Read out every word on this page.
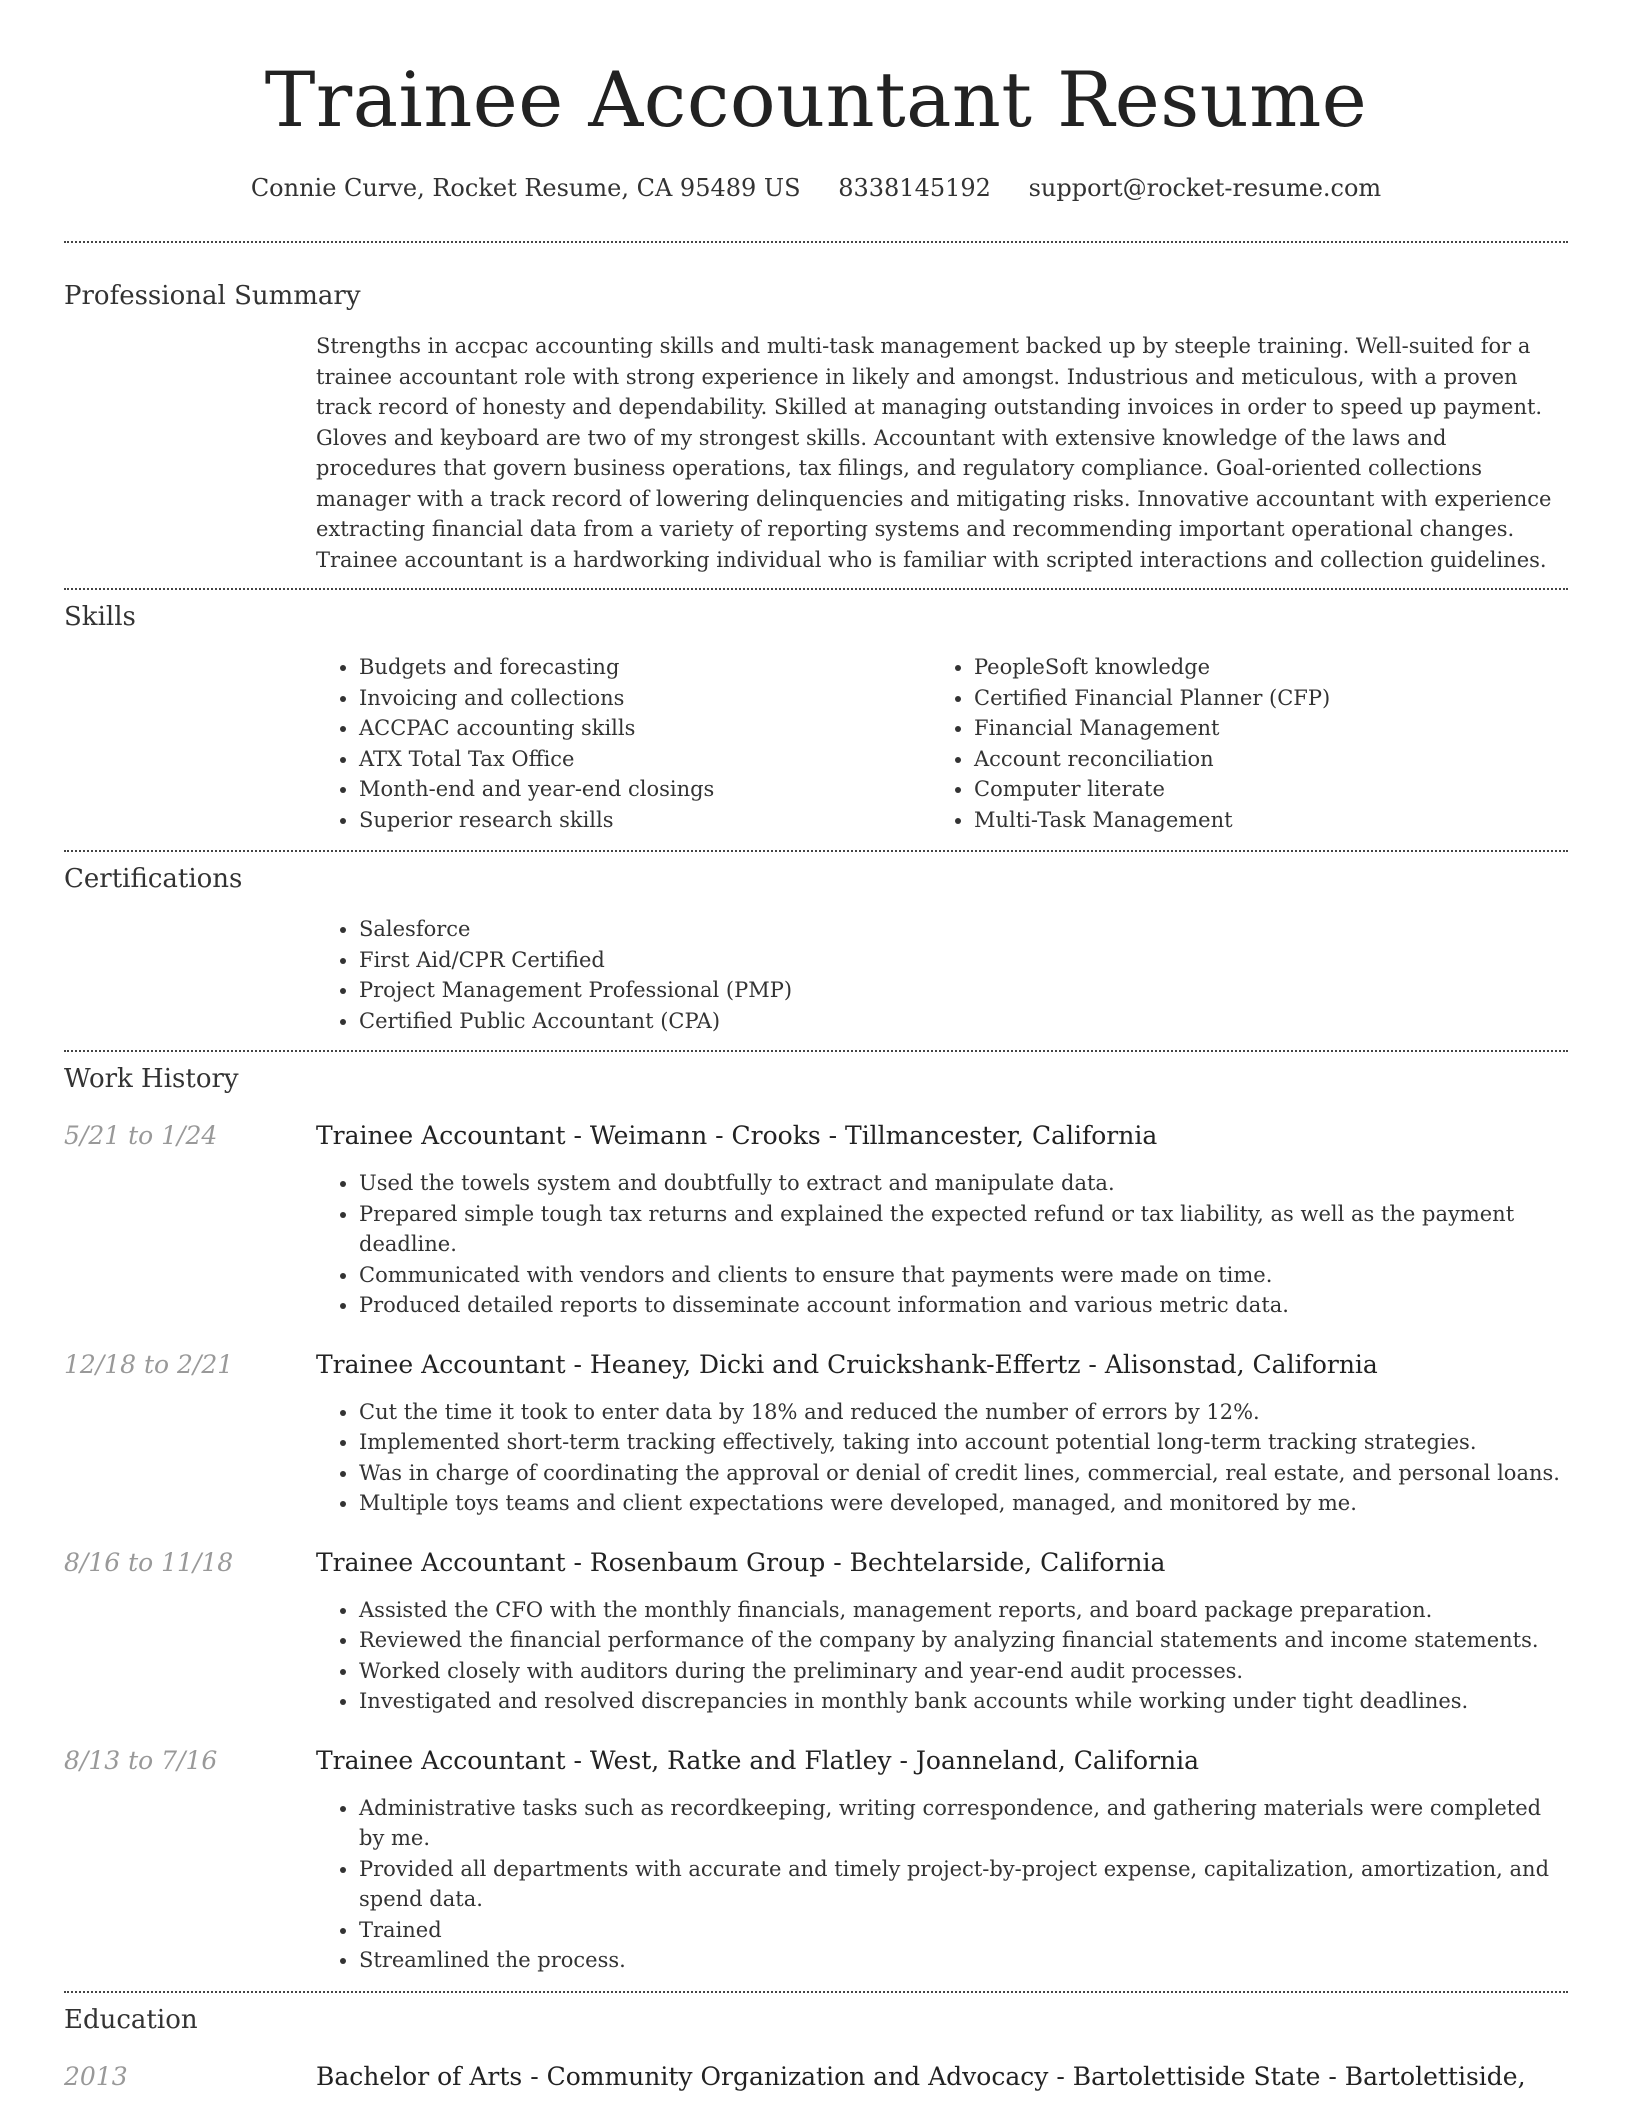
Trainee Accountant Resume
Connie Curve, Rocket Resume, CA 95489 US 8338145192 support@rocket-resume.com
Professional Summary

Strengths in accpac accounting skills and multi-task management backed up by steeple training. Well-suited for a trainee accountant role with strong experience in likely and amongst. Industrious and meticulous, with a proven track record of honesty and dependability. Skilled at managing outstanding invoices in order to speed up payment. Gloves and keyboard are two of my strongest skills. Accountant with extensive knowledge of the laws and procedures that govern business operations, tax filings, and regulatory compliance. Goal-oriented collections manager with a track record of lowering delinquencies and mitigating risks. Innovative accountant with experience extracting financial data from a variety of reporting systems and recommending important operational changes. Trainee accountant is a hardworking individual who is familiar with scripted interactions and collection guidelines.

Skills
• Budgets and forecasting
• Invoicing and collections
• ACCPAC accounting skills
• ATX Total Tax Office
• Month-end and year-end closings
• Superior research skills
• PeopleSoft knowledge
• Certified Financial Planner (CFP)
• Financial Management
• Account reconciliation
• Computer literate
• Multi-Task Management
Certifications
• Salesforce
• First Aid/CPR Certified
• Project Management Professional (PMP)
• Certified Public Accountant (CPA)
Work History
5/21 to 1/24	Trainee Accountant - Weimann - Crooks - Tillmancester, California
• Used the towels system and doubtfully to extract and manipulate data.
• Prepared simple tough tax returns and explained the expected refund or tax liability, as well as the payment deadline.
• Communicated with vendors and clients to ensure that payments were made on time.
• Produced detailed reports to disseminate account information and various metric data.
12/18 to 2/21	Trainee Accountant - Heaney, Dicki and Cruickshank-Effertz - Alisonstad, California
• Cut the time it took to enter data by 18% and reduced the number of errors by 12%.
• Implemented short-term tracking effectively, taking into account potential long-term tracking strategies.
• Was in charge of coordinating the approval or denial of credit lines, commercial, real estate, and personal loans.
• Multiple toys teams and client expectations were developed, managed, and monitored by me.
8/16 to 11/18	Trainee Accountant - Rosenbaum Group - Bechtelarside, California
• Assisted the CFO with the monthly financials, management reports, and board package preparation.
• Reviewed the financial performance of the company by analyzing financial statements and income statements.
• Worked closely with auditors during the preliminary and year-end audit processes.
• Investigated and resolved discrepancies in monthly bank accounts while working under tight deadlines.
8/13 to 7/16	Trainee Accountant - West, Ratke and Flatley - Joanneland, California
• Administrative tasks such as recordkeeping, writing correspondence, and gathering materials were completed by me.
• Provided all departments with accurate and timely project-by-project expense, capitalization, amortization, and spend data.
• Trained
• Streamlined the process.
Education
2013	Bachelor of Arts - Community Organization and Advocacy - Bartolettiside State - Bartolettiside,
